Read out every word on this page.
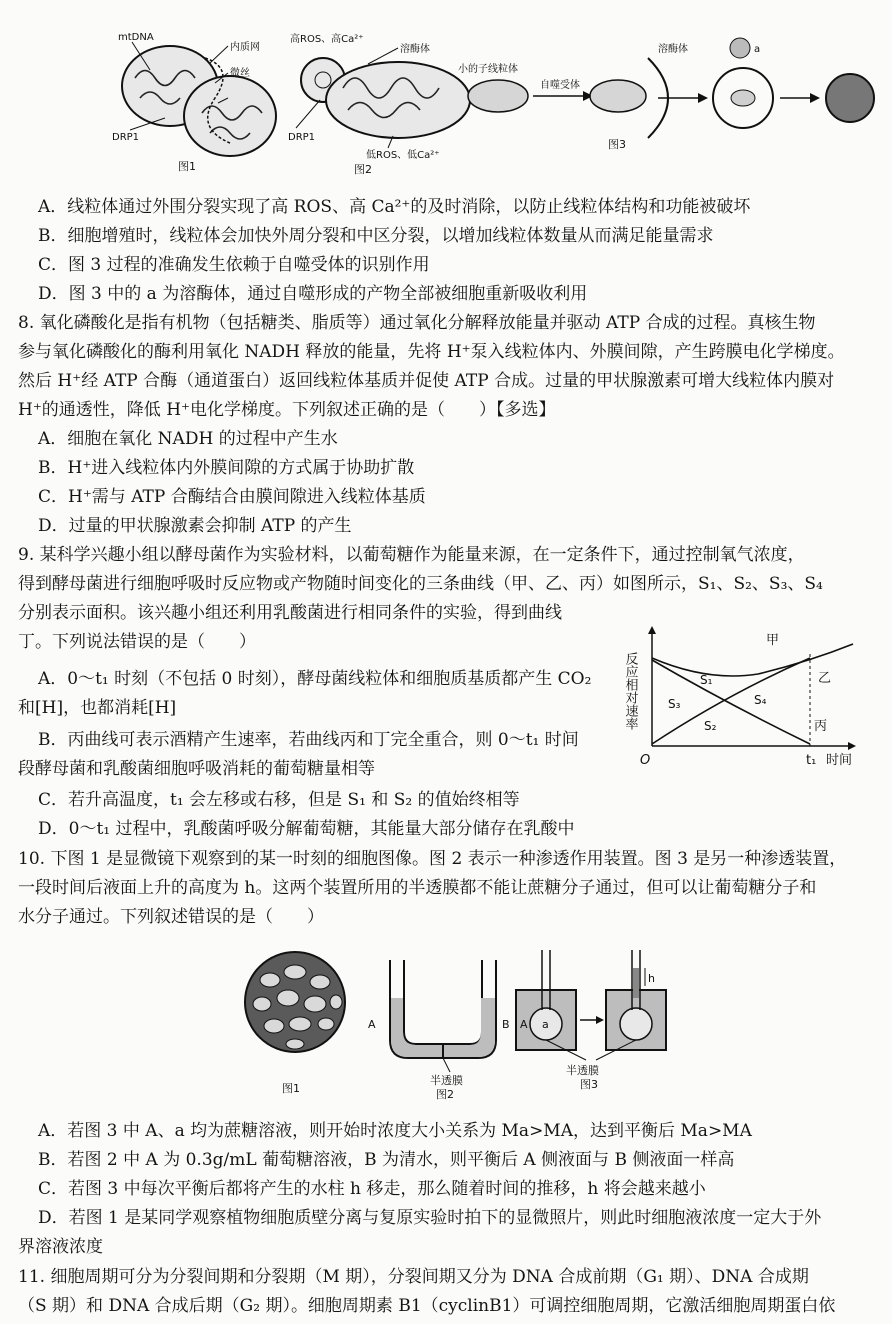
mtDNA
内质网
微丝
DRP1
图1
高ROS、高Ca²⁺
溶酶体
DRP1
低ROS、低Ca²⁺
图2
小的子线粒体
自噬受体
溶酶体	a
图3
A．线粒体通过外围分裂实现了高 ROS、高 Ca²⁺的及时消除，以防止线粒体结构和功能被破坏
B．细胞增殖时，线粒体会加快外周分裂和中区分裂，以增加线粒体数量从而满足能量需求
C．图 3 过程的准确发生依赖于自噬受体的识别作用
D．图 3 中的 a 为溶酶体，通过自噬形成的产物全部被细胞重新吸收利用
8. 氧化磷酸化是指有机物（包括糖类、脂质等）通过氧化分解释放能量并驱动 ATP 合成的过程。真核生物
参与氧化磷酸化的酶利用氧化 NADH 释放的能量，先将 H⁺泵入线粒体内、外膜间隙，产生跨膜电化学梯度。
然后 H⁺经 ATP 合酶（通道蛋白）返回线粒体基质并促使 ATP 合成。过量的甲状腺激素可增大线粒体内膜对
H⁺的通透性，降低 H⁺电化学梯度。下列叙述正确的是（　　）【多选】
A．细胞在氧化 NADH 的过程中产生水
B．H⁺进入线粒体内外膜间隙的方式属于协助扩散
C．H⁺需与 ATP 合酶结合由膜间隙进入线粒体基质
D．过量的甲状腺激素会抑制 ATP 的产生
9. 某科学兴趣小组以酵母菌作为实验材料，以葡萄糖作为能量来源，在一定条件下，通过控制氧气浓度，
得到酵母菌进行细胞呼吸时反应物或产物随时间变化的三条曲线（甲、乙、丙）如图所示，S₁、S₂、S₃、S₄
分别表示面积。该兴趣小组还利用乳酸菌进行相同条件的实验，得到曲线
丁。下列说法错误的是（　　）
A．0～t₁ 时刻（不包括 0 时刻），酵母菌线粒体和细胞质基质都产生 CO₂
和[H]，也都消耗[H]
B．丙曲线可表示酒精产生速率，若曲线丙和丁完全重合，则 0～t₁ 时间
段酵母菌和乳酸菌细胞呼吸消耗的葡萄糖量相等
C．若升高温度，t₁ 会左移或右移，但是 S₁ 和 S₂ 的值始终相等
D．0～t₁ 过程中，乳酸菌呼吸分解葡萄糖，其能量大部分储存在乳酸中
反应相对速率
O	t₁ 时间
甲
乙
丙
S₁
S₂
S₃	S₄
10. 下图 1 是显微镜下观察到的某一时刻的细胞图像。图 2 表示一种渗透作用装置。图 3 是另一种渗透装置，
一段时间后液面上升的高度为 h。这两个装置所用的半透膜都不能让蔗糖分子通过，但可以让葡萄糖分子和
水分子通过。下列叙述错误的是（　　）
图1
A	B
半透膜
图2
A a
h
半透膜
图3
A．若图 3 中 A、a 均为蔗糖溶液，则开始时浓度大小关系为 Ma>MA，达到平衡后 Ma>MA
B．若图 2 中 A 为 0.3g/mL 葡萄糖溶液，B 为清水，则平衡后 A 侧液面与 B 侧液面一样高
C．若图 3 中每次平衡后都将产生的水柱 h 移走，那么随着时间的推移，h 将会越来越小
D．若图 1 是某同学观察植物细胞质壁分离与复原实验时拍下的显微照片，则此时细胞液浓度一定大于外
界溶液浓度
11. 细胞周期可分为分裂间期和分裂期（M 期），分裂间期又分为 DNA 合成前期（G₁ 期）、DNA 合成期
（S 期）和 DNA 合成后期（G₂ 期）。细胞周期素 B1（cyclinB1）可调控细胞周期，它激活细胞周期蛋白依
